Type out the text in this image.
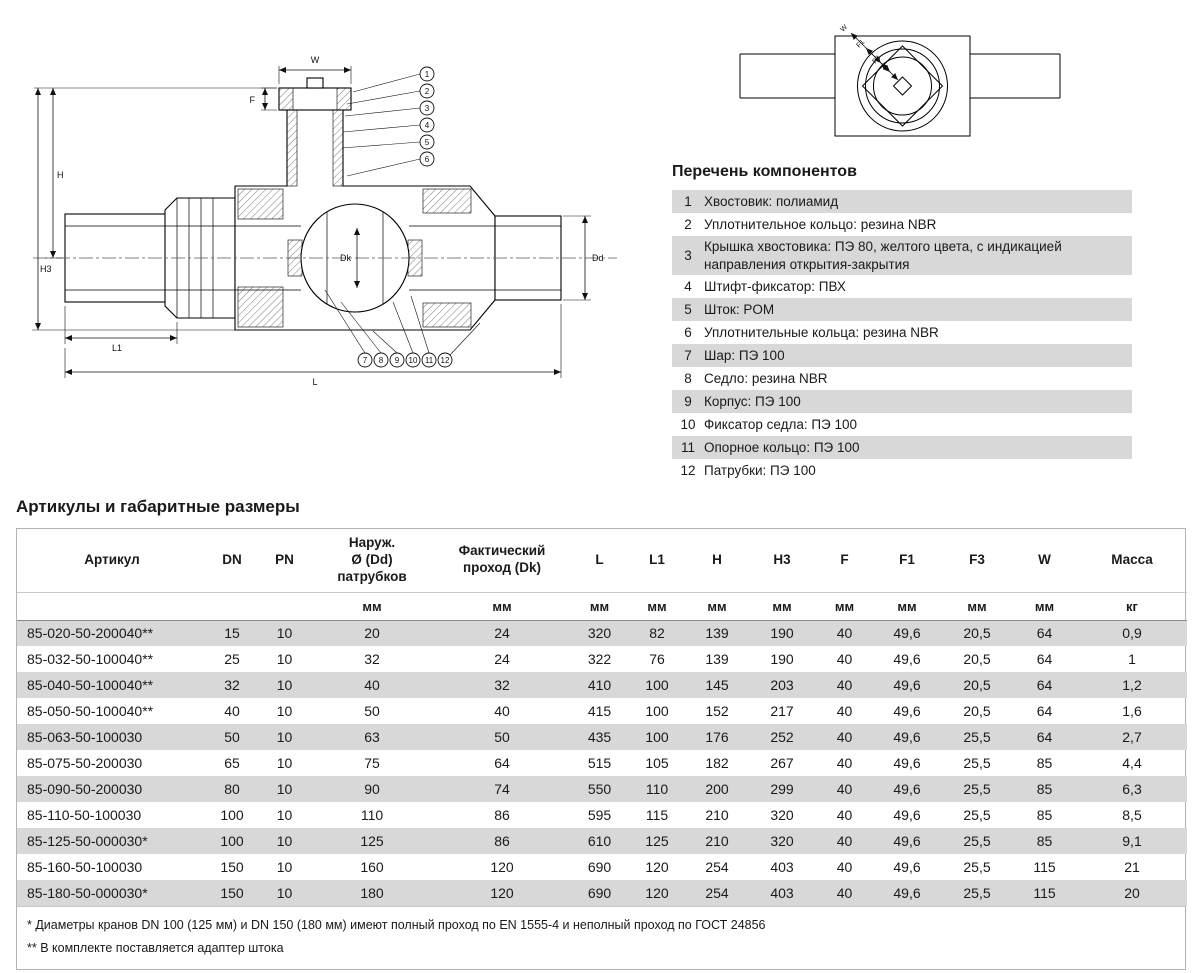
W
F
H
H3
Dk	Dd
L1
L
1
2
3
4
5
6
7 8 9 10 11 12
W
F1
F3
Перечень компонентов
1 Хвостовик: полиамид
2 Уплотнительное кольцо: резина NBR
3
Крышка хвостовика: ПЭ 80, желтого цвета, с индикацией направления открытия-закрытия
4 Штифт-фиксатор: ПВХ
5 Шток: POM
6 Уплотнительные кольца: резина NBR
7 Шар: ПЭ 100
8 Седло: резина NBR
9 Корпус: ПЭ 100
10 Фиксатор седла: ПЭ 100
11 Опорное кольцо: ПЭ 100
12 Патрубки: ПЭ 100
Артикулы и габаритные размеры
Артикул	DN	PN	Наруж.
Ø (Dd)
патрубков	Фактический
проход (Dk)	L	L1	H	H3	F	F1	F3	W	Масса
			мм	мм	мм	мм	мм	мм	мм	мм	мм	мм	кг
85-020-50-200040**	15	10	20	24	320	82	139	190	40	49,6	20,5	64	0,9
85-032-50-100040**	25	10	32	24	322	76	139	190	40	49,6	20,5	64	1
85-040-50-100040**	32	10	40	32	410	100	145	203	40	49,6	20,5	64	1,2
85-050-50-100040**	40	10	50	40	415	100	152	217	40	49,6	20,5	64	1,6
85-063-50-100030	50	10	63	50	435	100	176	252	40	49,6	25,5	64	2,7
85-075-50-200030	65	10	75	64	515	105	182	267	40	49,6	25,5	85	4,4
85-090-50-200030	80	10	90	74	550	110	200	299	40	49,6	25,5	85	6,3
85-110-50-100030	100	10	110	86	595	115	210	320	40	49,6	25,5	85	8,5
85-125-50-000030*	100	10	125	86	610	125	210	320	40	49,6	25,5	85	9,1
85-160-50-100030	150	10	160	120	690	120	254	403	40	49,6	25,5	115	21
85-180-50-000030*	150	10	180	120	690	120	254	403	40	49,6	25,5	115	20

* Диаметры кранов DN 100 (125 мм) и DN 150 (180 мм) имеют полный проход по EN 1555-4 и неполный проход по ГОСТ 24856

** В комплекте поставляется адаптер штока
